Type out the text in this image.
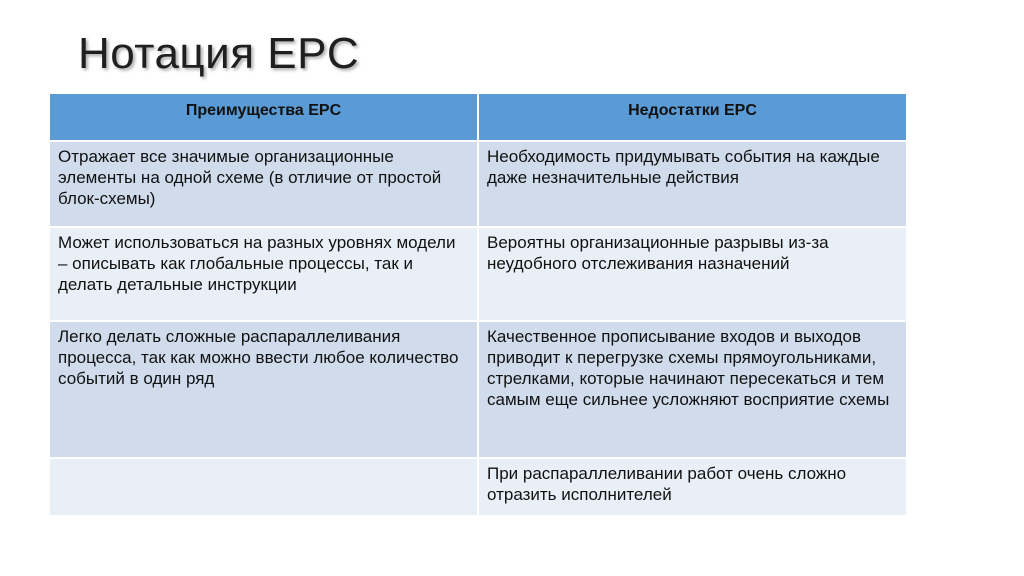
Нотация EPC
Преимущества EPC	Недостатки EPC
Отражает все значимые организационные элементы на одной схеме (в отличие от простой блок-схемы)	Необходимость придумывать события на каждые даже незначительные действия
Может использоваться на разных уровнях модели – описывать как глобальные процессы, так и делать детальные инструкции	Вероятны организационные разрывы из-за неудобного отслеживания назначений
Легко делать сложные распараллеливания процесса, так как можно ввести любое количество событий в один ряд	Качественное прописывание входов и выходов приводит к перегрузке схемы прямоугольниками, стрелками, которые начинают пересекаться и тем самым еще сильнее усложняют восприятие схемы
	При распараллеливании работ очень сложно отразить исполнителей
